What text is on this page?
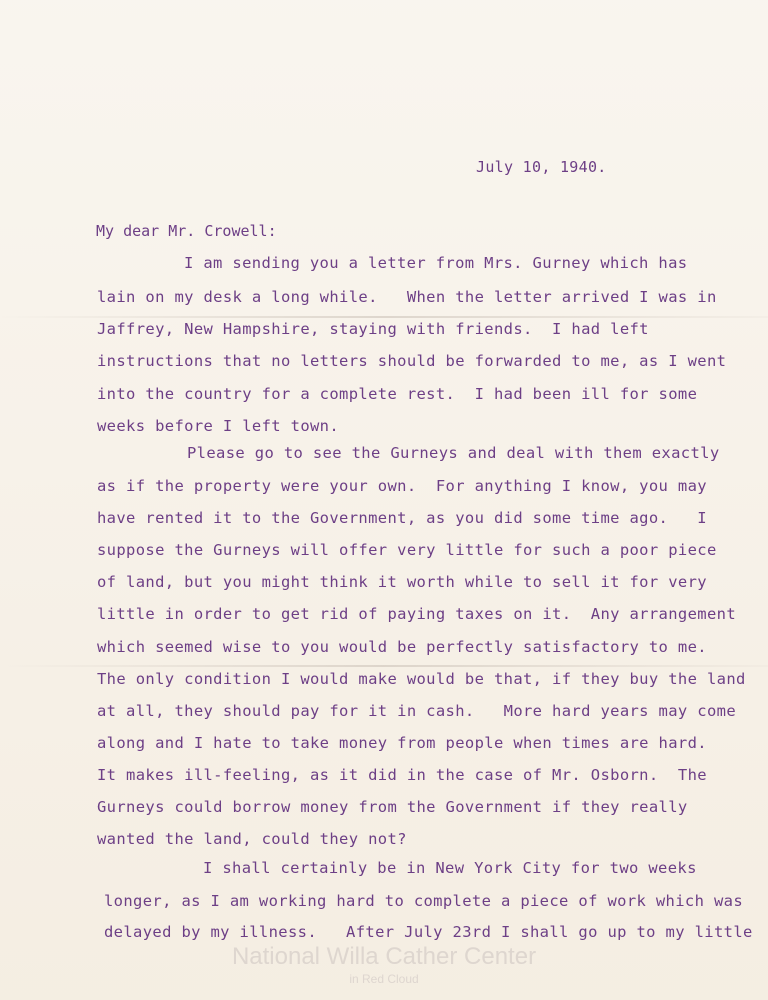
July 10, 1940.
My dear Mr. Crowell:
I am sending you a letter from Mrs. Gurney which has
lain on my desk a long while.   When the letter arrived I was in
Jaffrey, New Hampshire, staying with friends.  I had left
instructions that no letters should be forwarded to me, as I went
into the country for a complete rest.  I had been ill for some
weeks before I left town.
Please go to see the Gurneys and deal with them exactly
as if the property were your own.  For anything I know, you may
have rented it to the Government, as you did some time ago.   I
suppose the Gurneys will offer very little for such a poor piece
of land, but you might think it worth while to sell it for very
little in order to get rid of paying taxes on it.  Any arrangement
which seemed wise to you would be perfectly satisfactory to me.
The only condition I would make would be that, if they buy the land
at all, they should pay for it in cash.   More hard years may come
along and I hate to take money from people when times are hard.
It makes ill-feeling, as it did in the case of Mr. Osborn.  The
Gurneys could borrow money from the Government if they really
wanted the land, could they not?
I shall certainly be in New York City for two weeks
longer, as I am working hard to complete a piece of work which was
delayed by my illness.   After July 23rd I shall go up to my little
National Willa Cather Center
in Red Cloud
